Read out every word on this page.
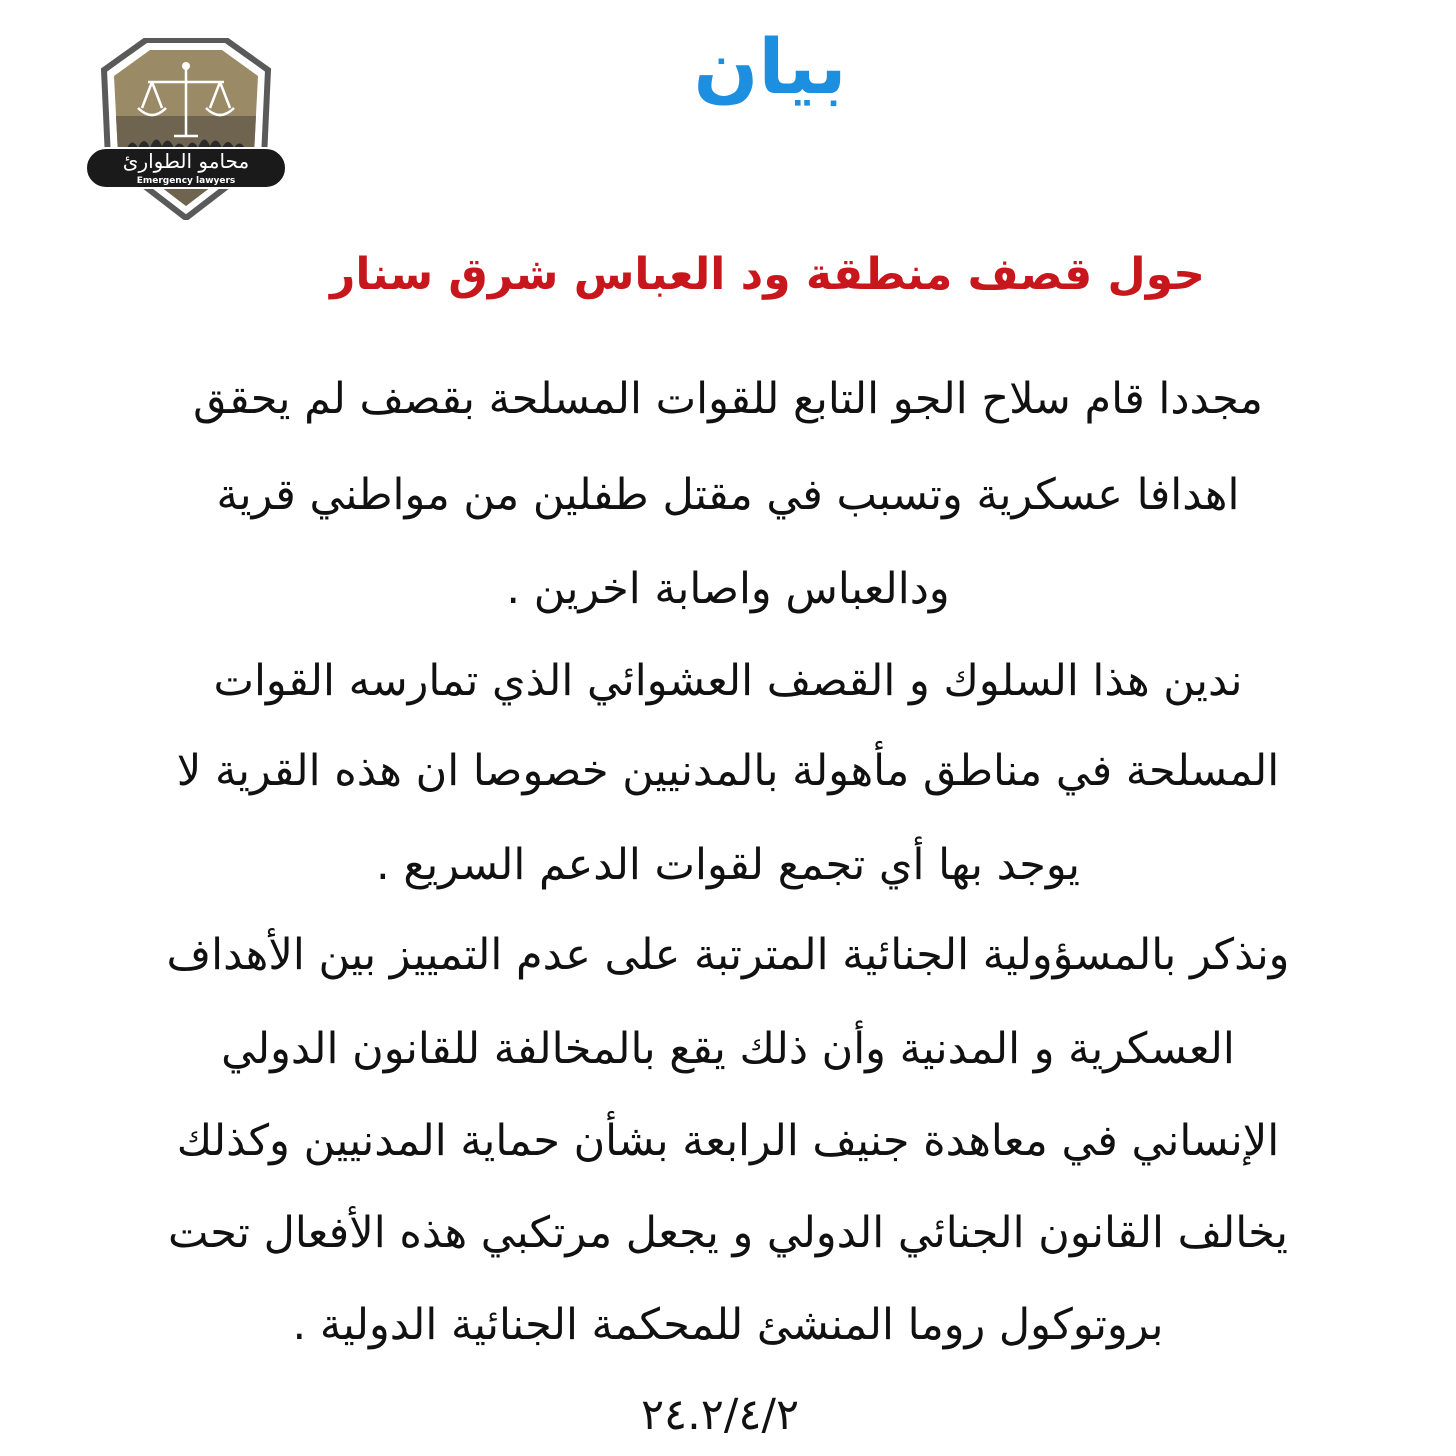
محامو الطوارئ
Emergency lawyers
بيان
حول قصف منطقة ود العباس شرق سنار
مجددا قام سلاح الجو التابع للقوات المسلحة بقصف لم يحقق
اهدافا عسكرية وتسبب في مقتل طفلين من مواطني قرية
ودالعباس واصابة اخرين .
ندين هذا السلوك و القصف العشوائي الذي تمارسه القوات
المسلحة في مناطق مأهولة بالمدنيين خصوصا ان هذه القرية لا
يوجد بها أي تجمع لقوات الدعم السريع .
ونذكر بالمسؤولية الجنائية المترتبة على عدم التمييز بين الأهداف
العسكرية و المدنية وأن ذلك يقع بالمخالفة للقانون الدولي
الإنساني في معاهدة جنيف الرابعة بشأن حماية المدنيين وكذلك
يخالف القانون الجنائي الدولي و يجعل مرتكبي هذه الأفعال تحت
بروتوكول روما المنشئ للمحكمة الجنائية الدولية .
٢٤.٢/٤/٢
